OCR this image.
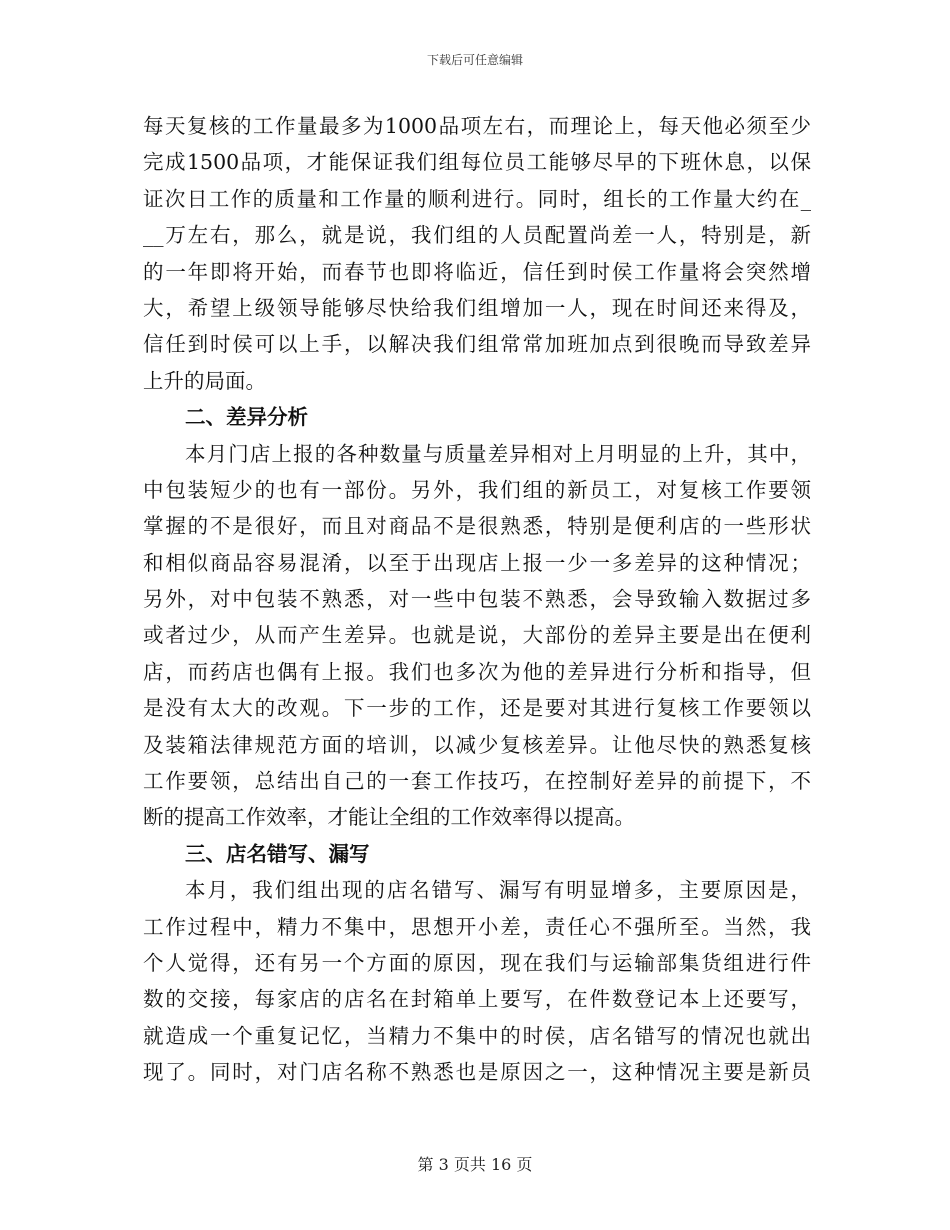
下载后可任意编辑
每天复核的工作量最多为1000品项左右，而理论上，每天他必须至少
完成1500品项，才能保证我们组每位员工能够尽早的下班休息，以保
证次日工作的质量和工作量的顺利进行。同时，组长的工作量大约在_
__万左右，那么，就是说，我们组的人员配置尚差一人，特别是，新
的一年即将开始，而春节也即将临近，信任到时侯工作量将会突然增
大，希望上级领导能够尽快给我们组增加一人，现在时间还来得及，
信任到时侯可以上手，以解决我们组常常加班加点到很晚而导致差异
上升的局面。
二、差异分析
本月门店上报的各种数量与质量差异相对上月明显的上升，其中，
中包装短少的也有一部份。另外，我们组的新员工，对复核工作要领
掌握的不是很好，而且对商品不是很熟悉，特别是便利店的一些形状
和相似商品容易混淆，以至于出现店上报一少一多差异的这种情况；
另外，对中包装不熟悉，对一些中包装不熟悉，会导致输入数据过多
或者过少，从而产生差异。也就是说，大部份的差异主要是出在便利
店，而药店也偶有上报。我们也多次为他的差异进行分析和指导，但
是没有太大的改观。下一步的工作，还是要对其进行复核工作要领以
及装箱法律规范方面的培训，以减少复核差异。让他尽快的熟悉复核
工作要领，总结出自己的一套工作技巧，在控制好差异的前提下，不
断的提高工作效率，才能让全组的工作效率得以提高。
三、店名错写、漏写
本月，我们组出现的店名错写、漏写有明显增多，主要原因是，
工作过程中，精力不集中，思想开小差，责任心不强所至。当然，我
个人觉得，还有另一个方面的原因，现在我们与运输部集货组进行件
数的交接，每家店的店名在封箱单上要写，在件数登记本上还要写，
就造成一个重复记忆，当精力不集中的时侯，店名错写的情况也就出
现了。同时，对门店名称不熟悉也是原因之一，这种情况主要是新员
第 3 页共 16 页
